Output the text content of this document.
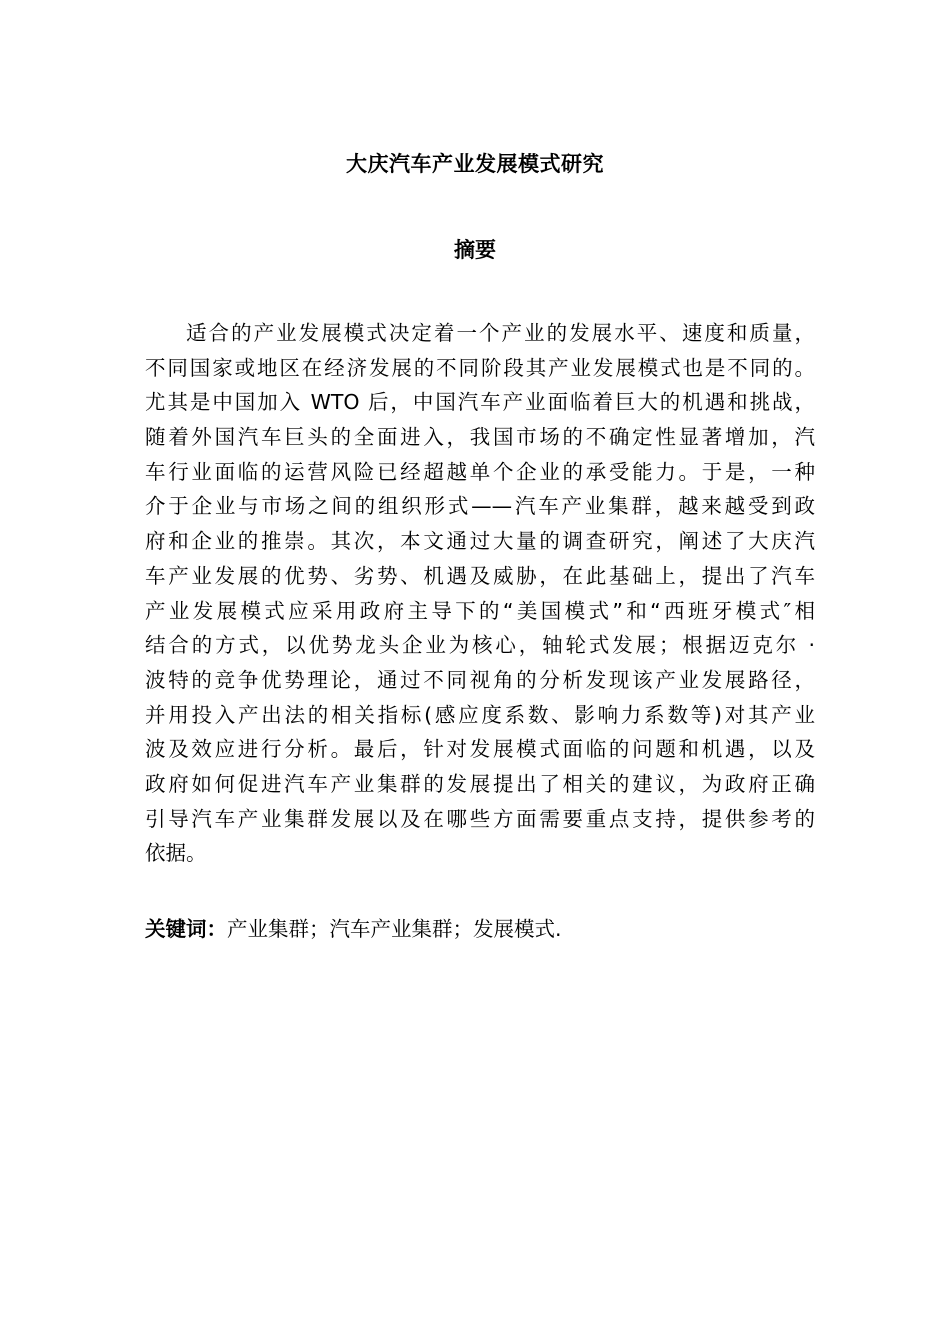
大庆汽车产业发展模式研究
摘要
适合的产业发展模式决定着一个产业的发展水平、速度和质量，
不同国家或地区在经济发展的不同阶段其产业发展模式也是不同的。
尤其是中国加入 WTO 后，中国汽车产业面临着巨大的机遇和挑战，
随着外国汽车巨头的全面进入，我国市场的不确定性显著增加，汽
车行业面临的运营风险已经超越单个企业的承受能力。于是，一种
介于企业与市场之间的组织形式——汽车产业集群，越来越受到政
府和企业的推崇。其次，本文通过大量的调查研究，阐述了大庆汽
车产业发展的优势、劣势、机遇及威胁，在此基础上，提出了汽车
产业发展模式应采用政府主导下的“美国模式”和“西班牙模式″相
结合的方式，以优势龙头企业为核心，轴轮式发展；根据迈克尔 ·
波特的竞争优势理论，通过不同视角的分析发现该产业发展路径，
并用投入产出法的相关指标(感应度系数、影响力系数等)对其产业
波及效应进行分析。最后，针对发展模式面临的问题和机遇，以及
政府如何促进汽车产业集群的发展提出了相关的建议，为政府正确
引导汽车产业集群发展以及在哪些方面需要重点支持，提供参考的
依据。
关键词：产业集群；汽车产业集群；发展模式.
